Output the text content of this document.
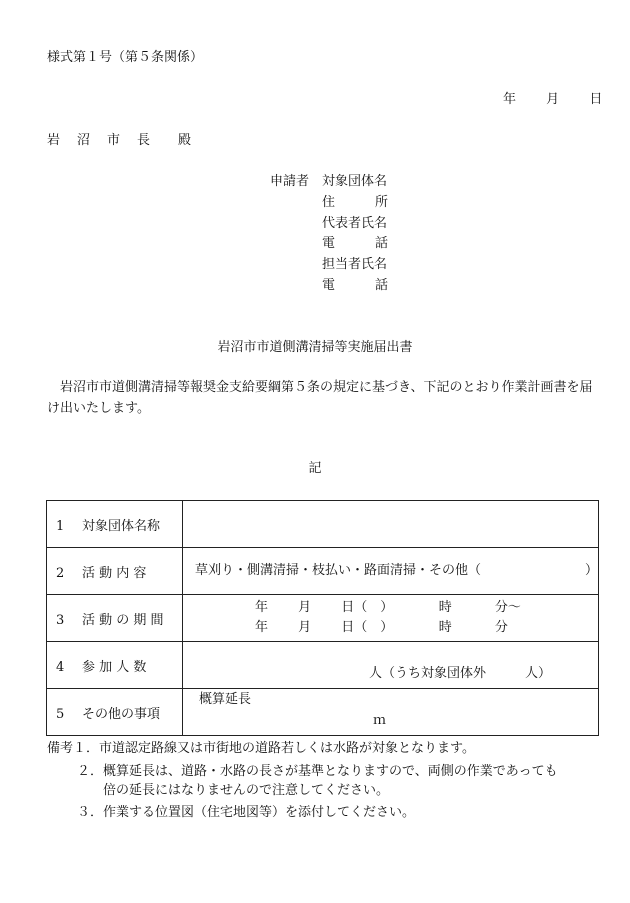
様式第１号（第５条関係）
年 月 日
岩　沼　市　長 殿
申請者 対象団体名
住	所
代表者氏名
電	話
担当者氏名
電	話
岩沼市市道側溝清掃等実施届出書
岩沼市市道側溝清掃等報奨金支給要綱第５条の規定に基づき、下記のとおり作業計画書を届け出いたします。
記
1 対象団体名称	
2 活 動 内 容	草刈り・側溝清掃・枝払い・路面清掃・その他（　　　　　　　　）

3 活 動 の 期 間	年　　 月　　 日（　）　　　　時　　　 分～
年　　 月　　 日（　）　　　　時　　　 分

4 参 加 人 数	人（うち対象団体外　　　人）

5 その他の事項	概算延長
ｍ
備考１．市道認定路線又は市街地の道路若しくは水路が対象となります。
２．概算延長は、道路・水路の長さが基準となりますので、両側の作業であっても
倍の延長にはなりませんので注意してください。
３．作業する位置図（住宅地図等）を添付してください。
